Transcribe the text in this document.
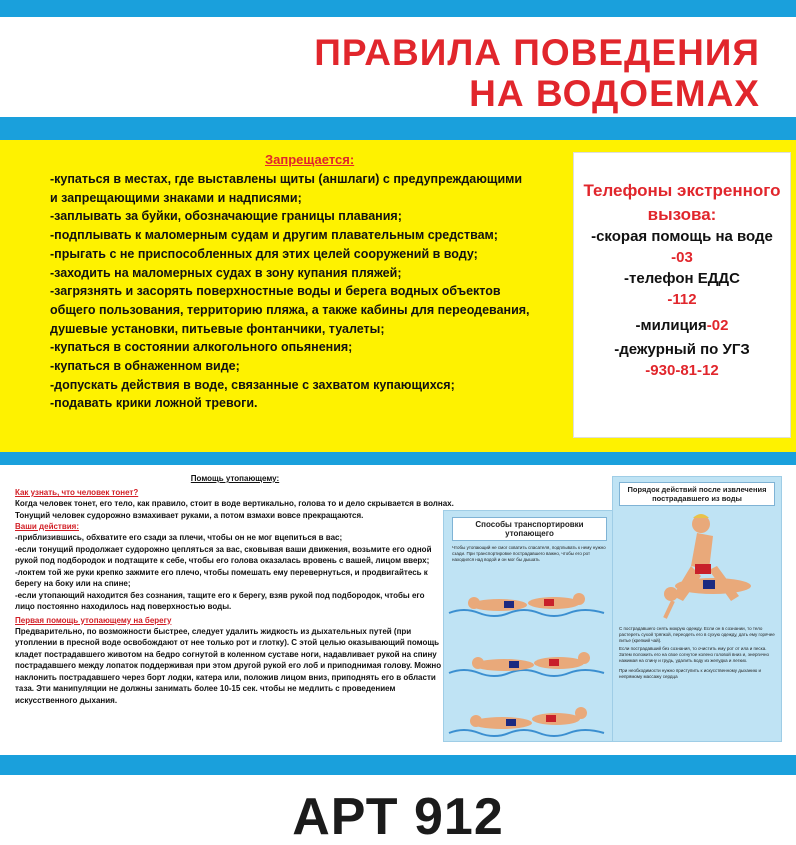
ПРАВИЛА ПОВЕДЕНИЯ
НА ВОДОЕМАХ
Запрещается:
-купаться в местах, где выставлены щиты (аншлаги) с предупреждающими
и запрещающими знаками и надписями;
-заплывать за буйки, обозначающие границы плавания;
-подплывать к маломерным судам и другим плавательным средствам;
-прыгать с не приспособленных для этих целей сооружений в воду;
-заходить на маломерных судах в зону купания пляжей;
-загрязнять и засорять поверхностные воды и берега водных объектов
общего пользования, территорию пляжа, а также кабины для переодевания,
душевые установки, питьевые фонтанчики, туалеты;
-купаться в состоянии алкогольного опьянения;
-купаться в обнаженном виде;
-допускать действия в воде, связанные с захватом купающихся;
-подавать крики ложной тревоги.
Телефоны экстренного
вызова:
-скорая помощь на воде
-03
-телефон ЕДДС
-112
-милиция-02
-дежурный по УГЗ
-930-81-12
Помощь утопающему:
Как узнать, что человек тонет?
Когда человек тонет, его тело, как правило, стоит в воде вертикально, голова то и дело скрывается в волнах. Тонущий человек судорожно взмахивает руками, а потом взмахи вовсе прекращаются.
Ваши действия:
-приблизившись, обхватите его сзади за плечи, чтобы он не мог вцепиться в вас;
-если тонущий продолжает судорожно цепляться за вас, сковывая ваши движения, возьмите его одной рукой под подбородок и подтащите к себе, чтобы его голова оказалась вровень с вашей, лицом вверх;
-локтем той же руки крепко зажмите его плечо, чтобы помешать ему перевернуться, и продвигайтесь к берегу на боку или на спине;
-если утопающий находится без сознания, тащите его к берегу, взяв рукой под подбородок, чтобы его лицо постоянно находилось над поверхностью воды.
Первая помощь утопающему на берегу
Предварительно, по возможности быстрее, следует удалить жидкость из дыхательных путей (при утоплении в пресной воде освобождают от нее только рот и глотку). С этой целью оказывающий помощь кладет пострадавшего животом на бедро согнутой в коленном суставе ноги, надавливает рукой на спину пострадавшего между лопаток поддерживая при этом другой рукой его лоб и приподнимая голову. Можно наклонить пострадавшего через борт лодки, катера или, положив лицом вниз, приподнять его в области таза. Эти манипуляции не должны занимать более 10-15 сек. чтобы не медлить с проведением искусственного дыхания.
Способы транспортировки утопающего
Чтобы утопающий не смог схватить спасателя, подплывать к нему нужно сзади. При транспортировке пострадавшего важно, чтобы его рот находился над водой и он мог бы дышать
Порядок действий после извлечения пострадавшего из воды
С пострадавшего снять мокрую одежду. Если он в сознании, то тело растереть сухой тряпкой, переодеть его в сухую одежду, дать ему горячее питье (крепкий чай).
Если пострадавший без сознания, то очистить ему рот от ила и песка. Затем положить его на свое согнутое колено головой вниз и, энергично нажимая на спину и грудь, удалить воду из желудка и легких.
При необходимости нужно приступить к искусственному дыханию и непрямому массажу сердца
АРТ 912
